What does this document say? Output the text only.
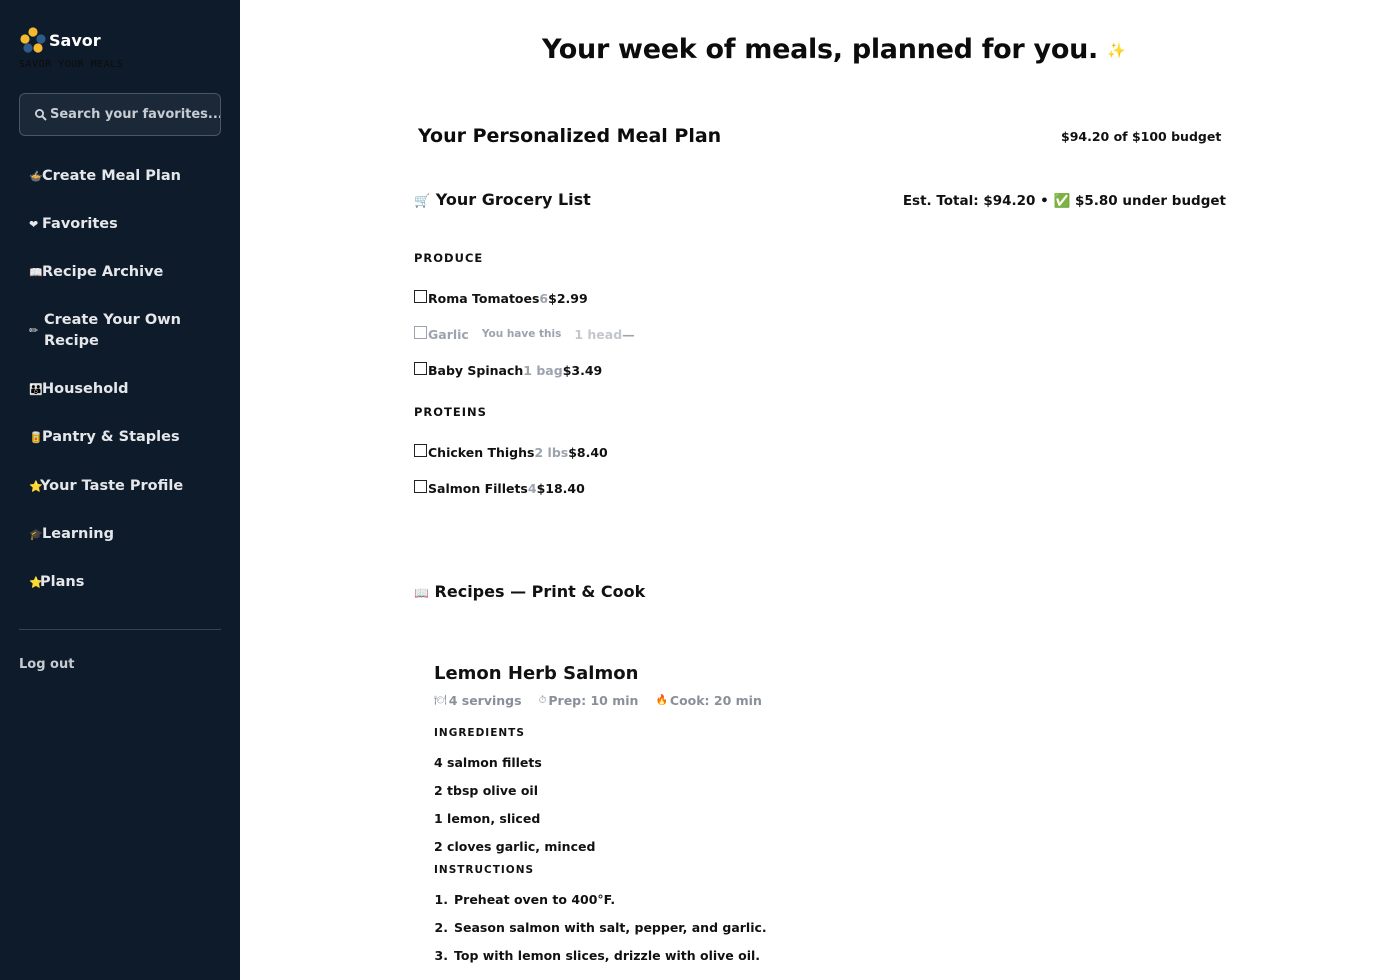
Savor
SAVOR YOUR MEALS
Search your favorites...
🍲 Create Meal Plan
❤ Favorites
📖 Recipe Archive
✏
Create Your Own Recipe
👪 Household
🥫 Pantry & Staples
⭐
Your Taste Profile
🎓 Learning
⭐
Plans
Log out
Your week of meals, planned for you. ✨
Your Personalized Meal Plan	$94.20 of $100 budget
🛒 Your Grocery List	Est. Total: $94.20 • ✅ $5.80 under budget
PRODUCE
Roma Tomatoes 6 $2.99
Garlic You have this 1 head —
Baby Spinach 1 bag $3.49
PROTEINS
Chicken Thighs 2 lbs $8.40
Salmon Fillets 4 $18.40
📖 Recipes — Print & Cook
Lemon Herb Salmon
🍽 4 servings ⏱ Prep: 10 min 🔥 Cook: 20 min
INGREDIENTS
4 salmon fillets
2 tbsp olive oil
1 lemon, sliced
2 cloves garlic, minced
INSTRUCTIONS
1. Preheat oven to 400°F.
2. Season salmon with salt, pepper, and garlic.
3. Top with lemon slices, drizzle with olive oil.
